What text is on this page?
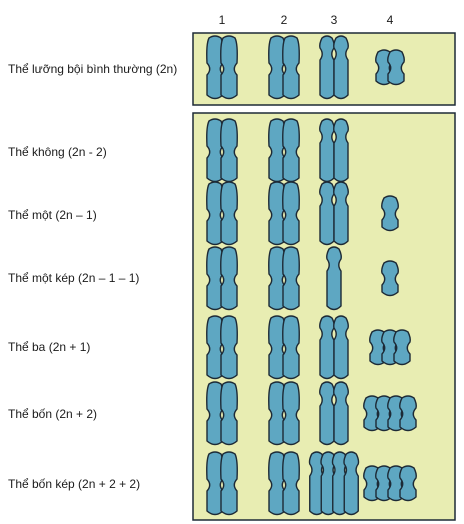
1	2	3	4
Thể lưỡng bội bình thường (2n)
Thể không (2n - 2)
Thể một (2n – 1)
Thể một kép (2n – 1 – 1)
Thể ba (2n + 1)
Thể bốn (2n + 2)
Thể bốn kép (2n + 2 + 2)
